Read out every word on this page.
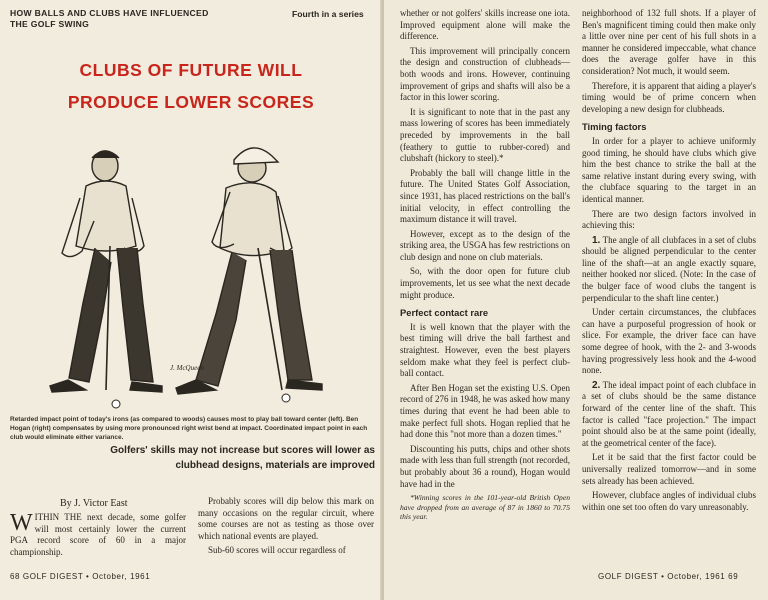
HOW BALLS AND CLUBS HAVE INFLUENCED THE GOLF SWING
Fourth in a series
CLUBS OF FUTURE WILL
PRODUCE LOWER SCORES
J. McQueen
Retarded impact point of today's irons (as compared to woods) causes most to play ball toward center (left). Ben Hogan (right) compensates by using more pronounced right wrist bend at impact. Coordinated impact point in each club would eliminate either variance.
Golfers' skills may not increase but scores will lower as clubhead designs, materials are improved
By J. Victor East

WITHIN THE next decade, some golfer will most certainly lower the current PGA record score of 60 in a major championship.

Probably scores will dip below this mark on many occasions on the regular circuit, where some courses are not as testing as those over which national events are played.

Sub-60 scores will occur regardless of

68 GOLF DIGEST • October, 1961

whether or not golfers' skills increase one iota. Improved equipment alone will make the difference.

This improvement will principally concern the design and construction of clubheads—both woods and irons. However, continuing improvement of grips and shafts will also be a factor in this lower scoring.

It is significant to note that in the past any mass lowering of scores has been immediately preceded by improvements in the ball (feathery to guttie to rubber-cored) and clubshaft (hickory to steel).*

Probably the ball will change little in the future. The United States Golf Association, since 1931, has placed restrictions on the ball's initial velocity, in effect controlling the maximum distance it will travel.

However, except as to the design of the striking area, the USGA has few restrictions on club design and none on club materials.

So, with the door open for future club improvements, let us see what the next decade might produce.

Perfect contact rare

It is well known that the player with the best timing will drive the ball farthest and straightest. However, even the best players seldom make what they feel is perfect club-ball contact.

After Ben Hogan set the existing U.S. Open record of 276 in 1948, he was asked how many times during that event he had been able to make perfect full shots. Hogan replied that he had done this "not more than a dozen times."

Discounting his putts, chips and other shots made with less than full strength (not recorded, but probably about 36 a round), Hogan would have had in the

*Winning scores in the 101-year-old British Open have dropped from an average of 87 in 1860 to 70.75 this year.

neighborhood of 132 full shots. If a player of Ben's magnificent timing could then make only a little over nine per cent of his full shots in a manner he considered impeccable, what chance does the average golfer have in this consideration? Not much, it would seem.

Therefore, it is apparent that aiding a player's timing would be of prime concern when developing a new design for clubheads.

Timing factors

In order for a player to achieve uniformly good timing, he should have clubs which give him the best chance to strike the ball at the same relative instant during every swing, with the clubface squaring to the target in an identical manner.

There are two design factors involved in achieving this:

1. The angle of all clubfaces in a set of clubs should be aligned perpendicular to the center line of the shaft—at an angle exactly square, neither hooked nor sliced. (Note: In the case of the bulger face of wood clubs the tangent is perpendicular to the shaft line center.)

Under certain circumstances, the clubfaces can have a purposeful progression of hook or slice. For example, the driver face can have some degree of hook, with the 2- and 3-woods having progressively less hook and the 4-wood none.

2. The ideal impact point of each clubface in a set of clubs should be the same distance forward of the center line of the shaft. This factor is called "face projection." The impact point should also be at the same point (ideally, at the geometrical center of the face).

Let it be said that the first factor could be universally realized tomorrow—and in some sets already has been achieved.

However, clubface angles of individual clubs within one set too often do vary unreasonably.

GOLF DIGEST • October, 1961 69
